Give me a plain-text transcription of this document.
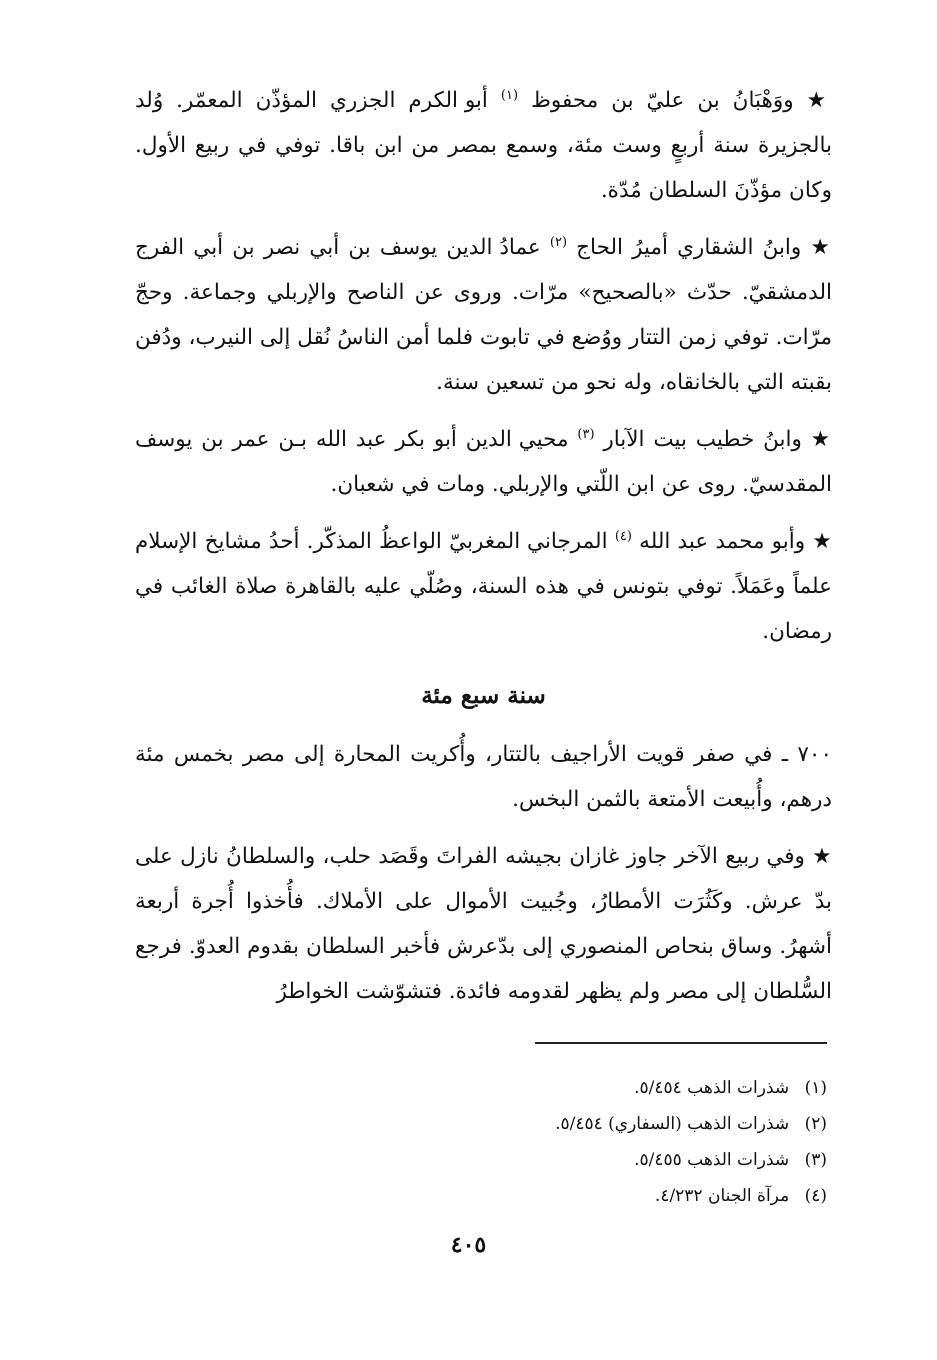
★ ووَهْبَانُ بن عليّ بن محفوظ $^{(١)}$ أبو الكرم الجزري المؤذّن المعمّر. وُلد بالجزيرة سنة أربعٍ وست مئة، وسمع بمصر من ابن باقا. توفي في ربيع الأول. وكان مؤذّنَ السلطان مُدّة.

★ وابنُ الشقاري أميرُ الحاج $^{(٢)}$ عمادُ الدين يوسف بن أبي نصر بن أبي الفرج الدمشقيّ. حدّث «بالصحيح» مرّات. وروى عن الناصح والإربلي وجماعة. وحجّ مرّات. توفي زمن التتار ووُضع في تابوت فلما أمن الناسُ نُقل إلى النيرب، ودُفن بقبته التي بالخانقاه، وله نحو من تسعين سنة.

★ وابنُ خطيب بيت الآبار $^{(٣)}$ محيي الدين أبو بكر عبد الله بـن عمر بن يوسف المقدسيّ. روى عن ابن اللّتي والإربلي. ومات في شعبان.

★ وأبو محمد عبد الله $^{(٤)}$ المرجاني المغربيّ الواعظُ المذكّر. أحدُ مشايخ الإسلام علماً وعَمَلاً. توفي بتونس في هذه السنة، وصُلّي عليه بالقاهرة صلاة الغائب في رمضان.

سنة سبع مئة

٧٠٠ ـ في صفر قويت الأراجيف بالتتار، وأُكريت المحارة إلى مصر بخمس مئة درهم، وأُبيعت الأمتعة بالثمن البخس.

★ وفي ربيع الآخر جاوز غازان بجيشه الفراتَ وقَصَد حلب، والسلطانُ نازل على بدّ عرش. وكَثُرَت الأمطارُ، وجُبيت الأموال على الأملاك. فأُخذوا أُجرة أربعة أشهرُ. وساق بنحاص المنصوري إلى بدّعرش فأخبر السلطان بقدوم العدوّ. فرجع السُّلطان إلى مصر ولم يظهر لقدومه فائدة. فتشوّشت الخواطرُ

(١) شذرات الذهب ٥/٤٥٤.

(٢) شذرات الذهب (السفاري) ٥/٤٥٤.

(٣) شذرات الذهب ٥/٤٥٥.

(٤) مرآة الجنان ٤/٢٣٢.

٤٠٥
